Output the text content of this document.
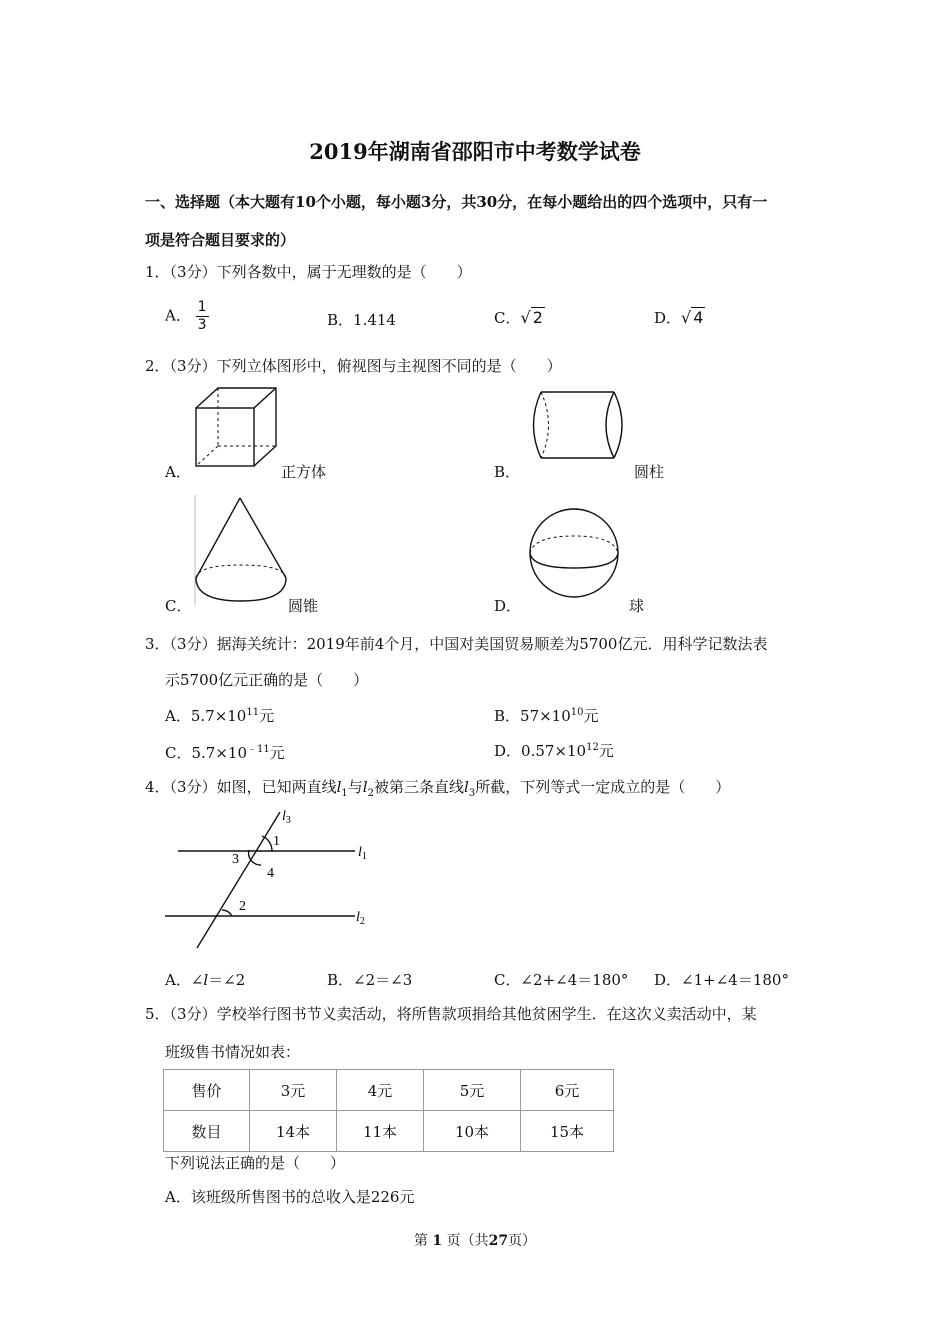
2019年湖南省邵阳市中考数学试卷
一、选择题（本大题有10个小题，每小题3分，共30分，在每小题给出的四个选项中，只有一
项是符合题目要求的）
1．（3分）下列各数中，属于无理数的是（　　）
A． $\frac{1}{3}$	B．1.414	C．√ 2	D．√ 4
2．（3分）下列立体图形中，俯视图与主视图不同的是（　　）
A．	正方体	B．	圆柱
C．	圆锥	D．	球
3．（3分）据海关统计：2019年前4个月，中国对美国贸易顺差为5700亿元．用科学记数法表
示5700亿元正确的是（　　）
A．$5.7\times 10^{11}$元	B．$57\times 10^{10}$元
C．$5.7\times 10^{﹣11}$元	D．$0.57\times 10^{12}$元
4．（3分）如图，已知两直线$l_1$与$l_2$被第三条直线$l_3$所截，下列等式一定成立的是（　　）
$l_3$
1
3
4
2
$l_1$
$l_2$
A．∠l＝∠2	B．∠2＝∠3	C．∠2+∠4＝180° D．∠1+∠4＝180°
5．（3分）学校举行图书节义卖活动，将所售款项捐给其他贫困学生．在这次义卖活动中，某
班级售书情况如表：
售价	3元	4元	5元	6元
数目	14本	11本	10本	15本
下列说法正确的是（　　）
A．该班级所售图书的总收入是226元
第 1 页（共27页）
